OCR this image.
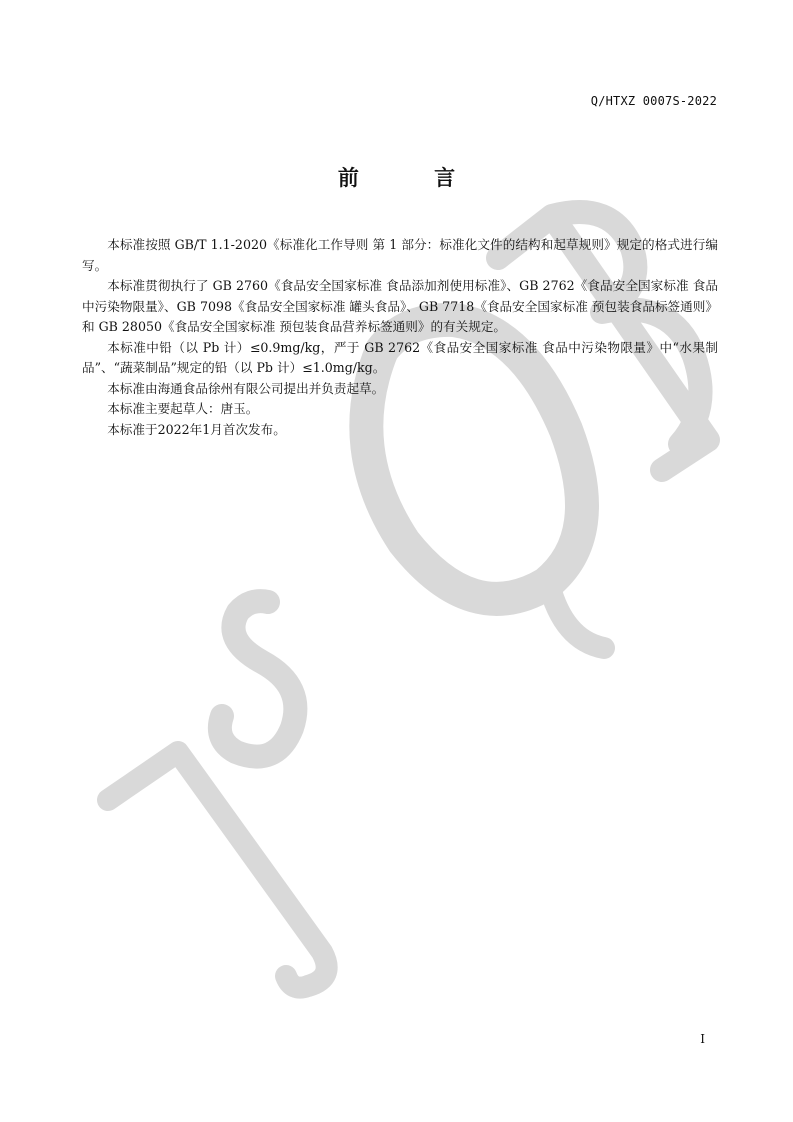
Q/HTXZ 0007S-2022
前 言

本标准按照 GB/T 1.1-2020《标准化工作导则 第 1 部分：标准化文件的结构和起草规则》规定的格式进行编写。

本标准贯彻执行了 GB 2760《食品安全国家标准 食品添加剂使用标准》、GB 2762《食品安全国家标准 食品中污染物限量》、GB 7098《食品安全国家标准 罐头食品》、GB 7718《食品安全国家标准 预包装食品标签通则》和 GB 28050《食品安全国家标准 预包装食品营养标签通则》的有关规定。

本标准中铅（以 Pb 计）≤0.9mg/kg，严于 GB 2762《食品安全国家标准 食品中污染物限量》中“水果制品”、“蔬菜制品”规定的铅（以 Pb 计）≤1.0mg/kg。

本标准由海通食品徐州有限公司提出并负责起草。

本标准主要起草人：唐玉。

本标准于2022年1月首次发布。

I
